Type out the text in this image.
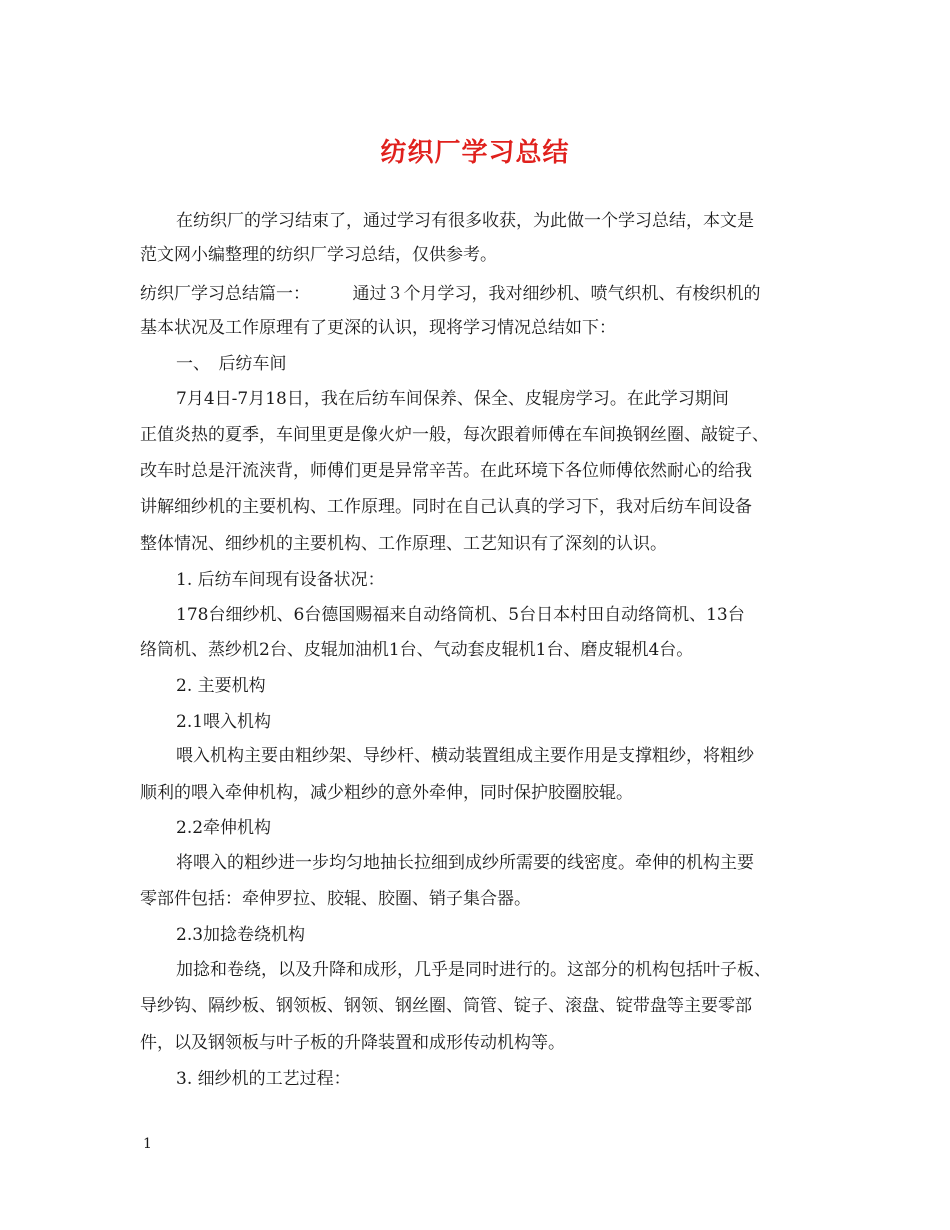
纺织厂学习总结

在纺织厂的学习结束了，通过学习有很多收获，为此做一个学习总结，本文是

范文网小编整理的纺织厂学习总结，仅供参考。

纺织厂学习总结篇一：　　　通过３个月学习，我对细纱机、喷气织机、有梭织机的

基本状况及工作原理有了更深的认识，现将学习情况总结如下：

一、　后纺车间

7月4日-7月18日，我在后纺车间保养、保全、皮辊房学习。在此学习期间

正值炎热的夏季，车间里更是像火炉一般，每次跟着师傅在车间换钢丝圈、敲锭子、

改车时总是汗流浃背，师傅们更是异常辛苦。在此环境下各位师傅依然耐心的给我

讲解细纱机的主要机构、工作原理。同时在自己认真的学习下，我对后纺车间设备

整体情况、细纱机的主要机构、工作原理、工艺知识有了深刻的认识。

1. 后纺车间现有设备状况：

178台细纱机、6台德国赐福来自动络筒机、5台日本村田自动络筒机、13台

络筒机、蒸纱机2台、皮辊加油机1台、气动套皮辊机1台、磨皮辊机4台。

2. 主要机构

2.1喂入机构

喂入机构主要由粗纱架、导纱杆、横动装置组成主要作用是支撑粗纱，将粗纱

顺利的喂入牵伸机构，减少粗纱的意外牵伸，同时保护胶圈胶辊。

2.2牵伸机构

将喂入的粗纱进一步均匀地抽长拉细到成纱所需要的线密度。牵伸的机构主要

零部件包括：牵伸罗拉、胶辊、胶圈、销子集合器。

2.3加捻卷绕机构

加捻和卷绕，以及升降和成形，几乎是同时进行的。这部分的机构包括叶子板、

导纱钩、隔纱板、钢领板、钢领、钢丝圈、筒管、锭子、滚盘、锭带盘等主要零部

件，以及钢领板与叶子板的升降装置和成形传动机构等。

3. 细纱机的工艺过程：

1
